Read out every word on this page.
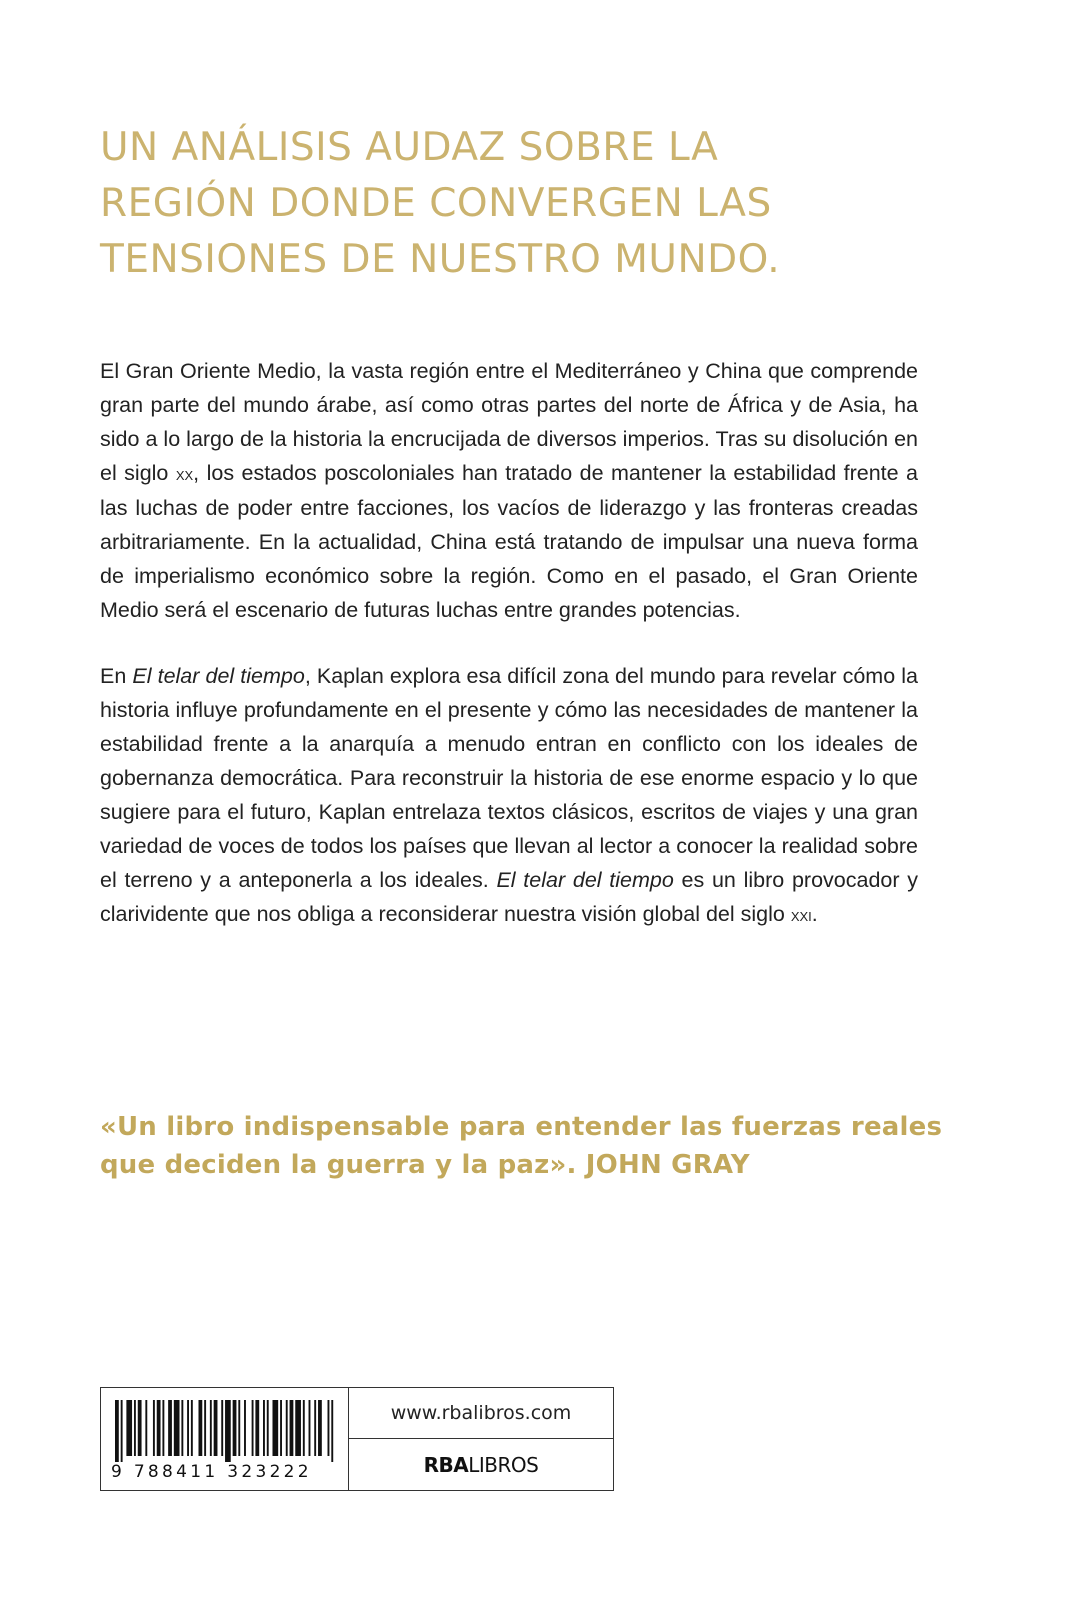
UN ANÁLISIS AUDAZ SOBRE LA
REGIÓN DONDE CONVERGEN LAS
TENSIONES DE NUESTRO MUNDO.

El Gran Oriente Medio, la vasta región entre el Mediterráneo y China que comprende gran parte del mundo árabe, así como otras partes del norte de África y de Asia, ha sido a lo largo de la historia la encrucijada de diversos imperios. Tras su disolución en el siglo xx, los estados poscoloniales han tratado de mantener la estabilidad frente a las luchas de poder entre facciones, los vacíos de liderazgo y las fronteras creadas arbitrariamente. En la actualidad, China está tratando de impulsar una nueva forma de imperialismo económico sobre la región. Como en el pasado, el Gran Oriente Medio será el escenario de futuras luchas entre grandes potencias.

En El telar del tiempo, Kaplan explora esa difícil zona del mundo para revelar cómo la historia influye profundamente en el presente y cómo las necesidades de mantener la estabilidad frente a la anarquía a menudo entran en conflicto con los ideales de gobernanza democrática. Para reconstruir la historia de ese enorme espacio y lo que sugiere para el futuro, Kaplan entrelaza textos clásicos, escritos de viajes y una gran variedad de voces de todos los países que llevan al lector a conocer la realidad sobre el terreno y a anteponerla a los ideales. El telar del tiempo es un libro provocador y clarividente que nos obliga a reconsiderar nuestra visión global del siglo xxi.

«Un libro indispensable para entender las fuerzas reales
que deciden la guerra y la paz». JOHN GRAY
9 788411 323222
www.rbalibros.com
RBA LIBROS
